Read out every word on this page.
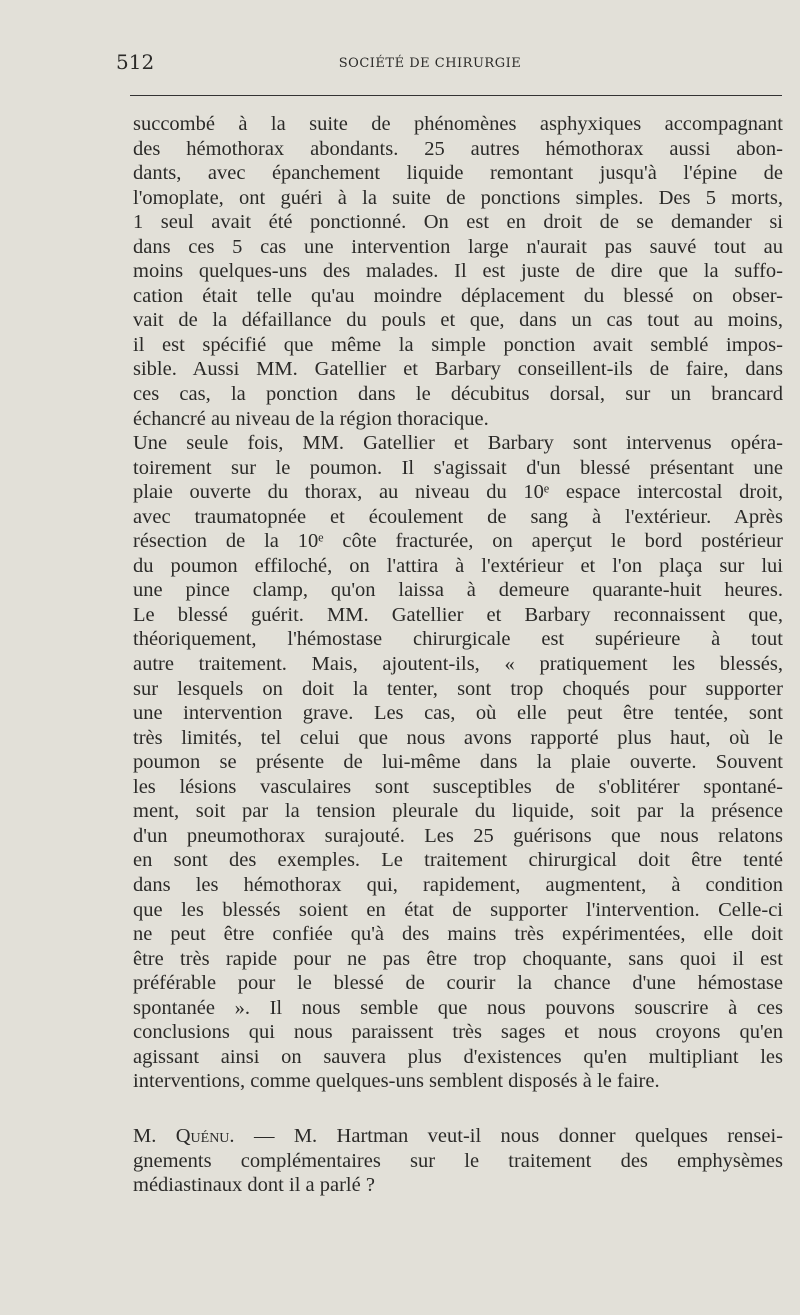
512	SOCIÉTÉ DE CHIRURGIE
succombé à la suite de phénomènes asphyxiques accompagnant
des hémothorax abondants. 25 autres hémothorax aussi abon-
dants, avec épanchement liquide remontant jusqu'à l'épine de
l'omoplate, ont guéri à la suite de ponctions simples. Des 5 morts,
1 seul avait été ponctionné. On est en droit de se demander si
dans ces 5 cas une intervention large n'aurait pas sauvé tout au
moins quelques-uns des malades. Il est juste de dire que la suffo-
cation était telle qu'au moindre déplacement du blessé on obser-
vait de la défaillance du pouls et que, dans un cas tout au moins,
il est spécifié que même la simple ponction avait semblé impos-
sible. Aussi MM. Gatellier et Barbary conseillent-ils de faire, dans
ces cas, la ponction dans le décubitus dorsal, sur un brancard
échancré au niveau de la région thoracique.
Une seule fois, MM. Gatellier et Barbary sont intervenus opéra-
toirement sur le poumon. Il s'agissait d'un blessé présentant une
plaie ouverte du thorax, au niveau du 10ᵉ espace intercostal droit,
avec traumatopnée et écoulement de sang à l'extérieur. Après
résection de la 10ᵉ côte fracturée, on aperçut le bord postérieur
du poumon effiloché, on l'attira à l'extérieur et l'on plaça sur lui
une pince clamp, qu'on laissa à demeure quarante-huit heures.
Le blessé guérit. MM. Gatellier et Barbary reconnaissent que,
théoriquement, l'hémostase chirurgicale est supérieure à tout
autre traitement. Mais, ajoutent-ils, « pratiquement les blessés,
sur lesquels on doit la tenter, sont trop choqués pour supporter
une intervention grave. Les cas, où elle peut être tentée, sont
très limités, tel celui que nous avons rapporté plus haut, où le
poumon se présente de lui-même dans la plaie ouverte. Souvent
les lésions vasculaires sont susceptibles de s'oblitérer spontané-
ment, soit par la tension pleurale du liquide, soit par la présence
d'un pneumothorax surajouté. Les 25 guérisons que nous relatons
en sont des exemples. Le traitement chirurgical doit être tenté
dans les hémothorax qui, rapidement, augmentent, à condition
que les blessés soient en état de supporter l'intervention. Celle-ci
ne peut être confiée qu'à des mains très expérimentées, elle doit
être très rapide pour ne pas être trop choquante, sans quoi il est
préférable pour le blessé de courir la chance d'une hémostase
spontanée ». Il nous semble que nous pouvons souscrire à ces
conclusions qui nous paraissent très sages et nous croyons qu'en
agissant ainsi on sauvera plus d'existences qu'en multipliant les
interventions, comme quelques-uns semblent disposés à le faire.
M. Quénu. — M. Hartman veut-il nous donner quelques rensei-
gnements complémentaires sur le traitement des emphysèmes
médiastinaux dont il a parlé ?
